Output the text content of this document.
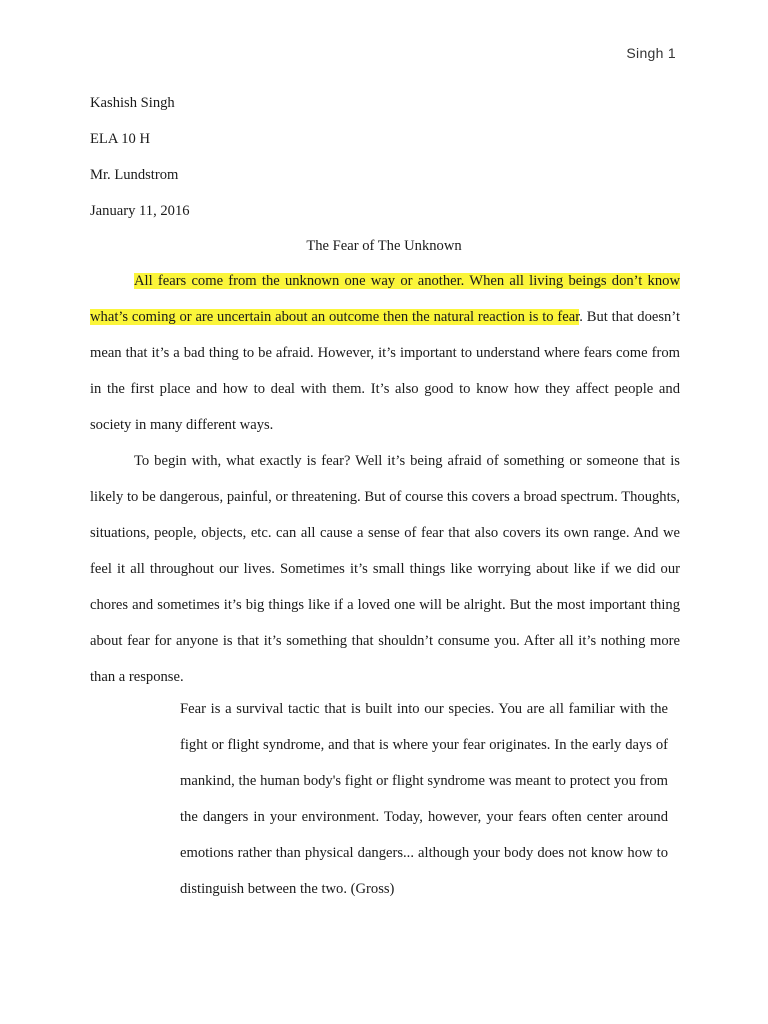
Singh 1
Kashish Singh
ELA 10 H
Mr. Lundstrom
January 11, 2016
The Fear of The Unknown

All fears come from the unknown one way or another. When all living beings don’t know what’s coming or are uncertain about an outcome then the natural reaction is to fear. But that doesn’t mean that it’s a bad thing to be afraid. However, it’s important to understand where fears come from in the first place and how to deal with them. It’s also good to know how they affect people and society in many different ways.

To begin with, what exactly is fear? Well it’s being afraid of something or someone that is likely to be dangerous, painful, or threatening. But of course this covers a broad spectrum. Thoughts, situations, people, objects, etc. can all cause a sense of fear that also covers its own range. And we feel it all throughout our lives. Sometimes it’s small things like worrying about like if we did our chores and sometimes it’s big things like if a loved one will be alright. But the most important thing about fear for anyone is that it’s something that shouldn’t consume you. After all it’s nothing more than a response.

Fear is a survival tactic that is built into our species. You are all familiar with the fight or flight syndrome, and that is where your fear originates. In the early days of mankind, the human body's fight or flight syndrome was meant to protect you from the dangers in your environment. Today, however, your fears often center around emotions rather than physical dangers... although your body does not know how to distinguish between the two. (Gross)
